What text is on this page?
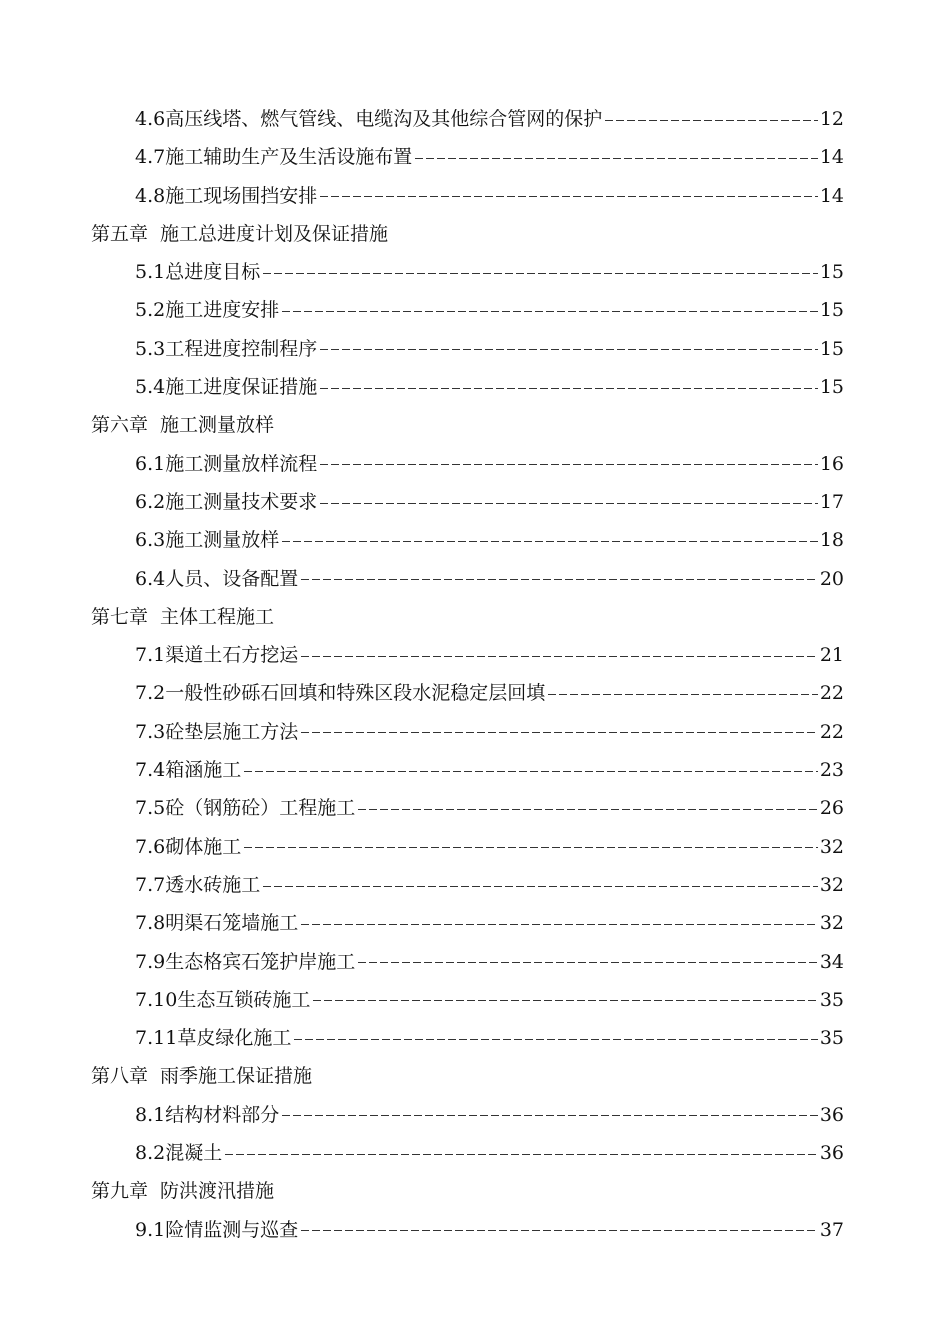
4.6高压线塔、燃气管线、电缆沟及其他综合管网的保护	12
4.7施工辅助生产及生活设施布置	14
4.8施工现场围挡安排	14
第五章 施工总进度计划及保证措施
5.1总进度目标	15
5.2施工进度安排	15
5.3工程进度控制程序	15
5.4施工进度保证措施	15
第六章 施工测量放样
6.1施工测量放样流程	16
6.2施工测量技术要求	17
6.3施工测量放样	18
6.4人员、设备配置	20
第七章 主体工程施工
7.1渠道土石方挖运	21
7.2一般性砂砾石回填和特殊区段水泥稳定层回填	22
7.3砼垫层施工方法	22
7.4箱涵施工	23
7.5砼（钢筋砼）工程施工	26
7.6砌体施工	32
7.7透水砖施工	32
7.8明渠石笼墙施工	32
7.9生态格宾石笼护岸施工	34
7.10生态互锁砖施工	35
7.11草皮绿化施工	35
第八章 雨季施工保证措施
8.1结构材料部分	36
8.2混凝土	36
第九章 防洪渡汛措施
9.1险情监测与巡查	37
